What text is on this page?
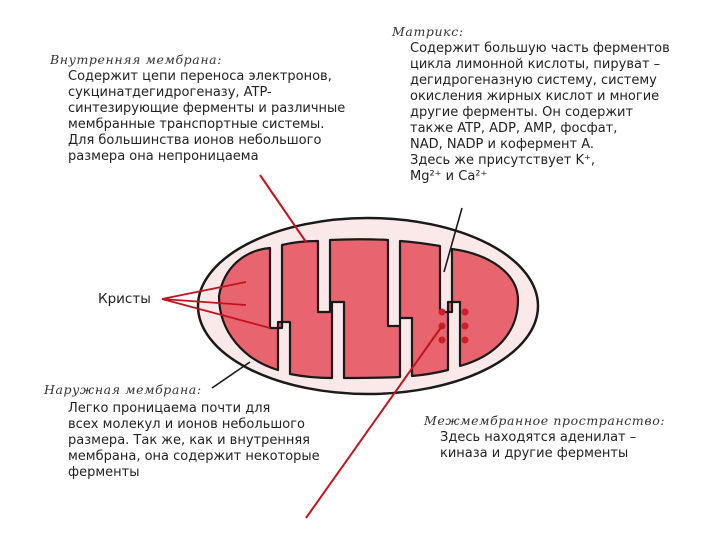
Внутренняя мембрана:
Содержит цепи переноса электронов,
сукцинатдегидрогеназу, ATP-
синтезирующие ферменты и различные
мембранные транспортные системы.
Для большинства ионов небольшого
размера она непроницаема
Матрикс:
Содержит большую часть ферментов
цикла лимонной кислоты, пируват –
дегидрогеназную систему, систему
окисления жирных кислот и многие
другие ферменты. Он содержит
также ATP, ADP, AMP, фосфат,
NAD, NADP и кофермент A.
Здесь же присутствует K⁺,
Mg²⁺ и Ca²⁺
Кристы
Наружная мембрана:
Легко проницаема почти для
всех молекул и ионов небольшого
размера. Так же, как и внутренняя
мембрана, она содержит некоторые
ферменты
Межмембранное пространство:
Здесь находятся аденилат –
киназа и другие ферменты
